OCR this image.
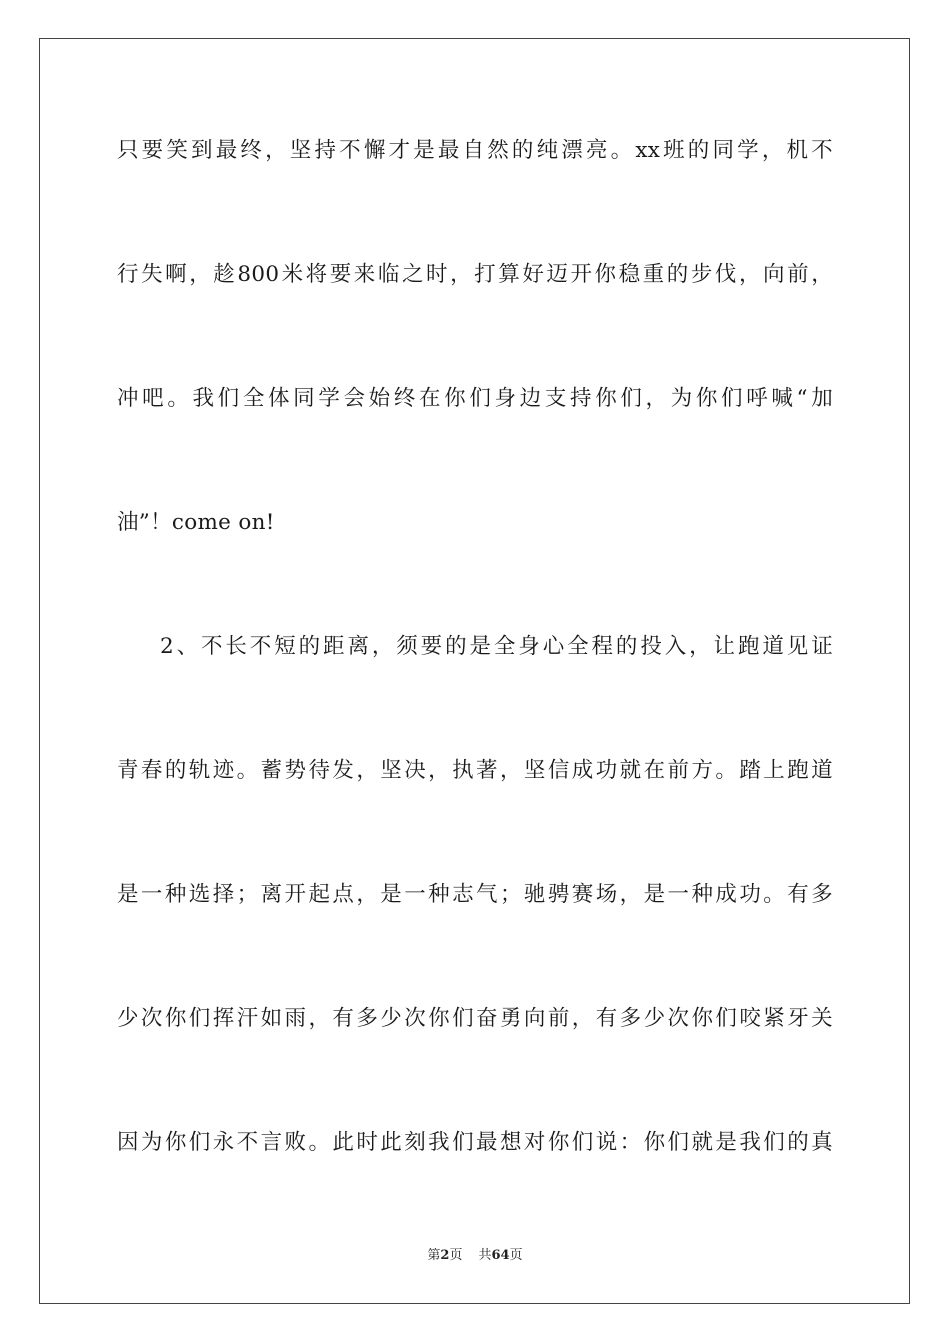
只要笑到最终，坚持不懈才是最自然的纯漂亮。xx班的同学，机不
行失啊，趁800米将要来临之时，打算好迈开你稳重的步伐，向前，
冲吧。我们全体同学会始终在你们身边支持你们，为你们呼喊“加
油”！come on!
2、不长不短的距离，须要的是全身心全程的投入，让跑道见证
青春的轨迹。蓄势待发，坚决，执著，坚信成功就在前方。踏上跑道
是一种选择；离开起点，是一种志气；驰骋赛场，是一种成功。有多
少次你们挥汗如雨，有多少次你们奋勇向前，有多少次你们咬紧牙关
因为你们永不言败。此时此刻我们最想对你们说：你们就是我们的真
第2页 共64页
